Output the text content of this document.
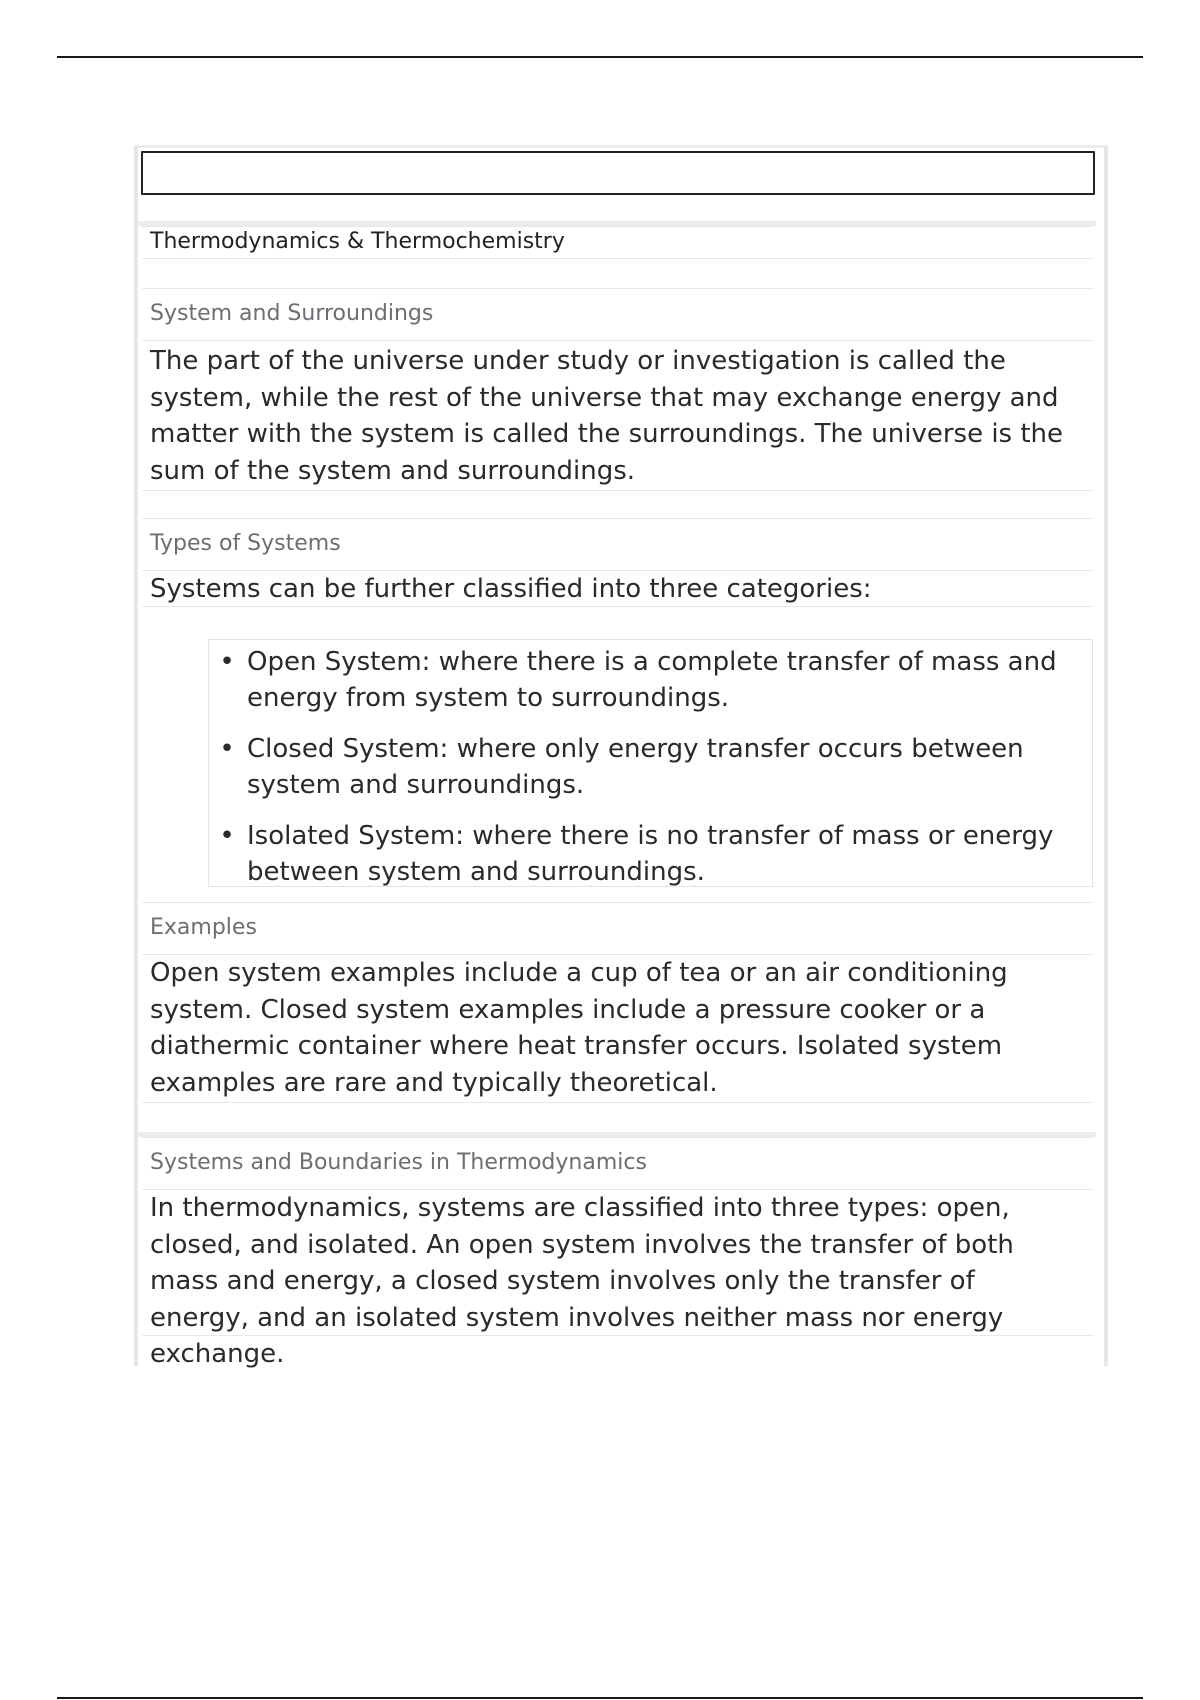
Thermodynamics & Thermochemistry
System and Surroundings
The part of the universe under study or investigation is called the system, while the rest of the universe that may exchange energy and matter with the system is called the surroundings. The universe is the sum of the system and surroundings.
Types of Systems
Systems can be further classified into three categories:
• Open System: where there is a complete transfer of mass and energy from system to surroundings.
• Closed System: where only energy transfer occurs between system and surroundings.
• Isolated System: where there is no transfer of mass or energy between system and surroundings.
Examples
Open system examples include a cup of tea or an air conditioning system. Closed system examples include a pressure cooker or a diathermic container where heat transfer occurs. Isolated system examples are rare and typically theoretical.
Systems and Boundaries in Thermodynamics
In thermodynamics, systems are classified into three types: open, closed, and isolated. An open system involves the transfer of both mass and energy, a closed system involves only the transfer of energy, and an isolated system involves neither mass nor energy exchange.
